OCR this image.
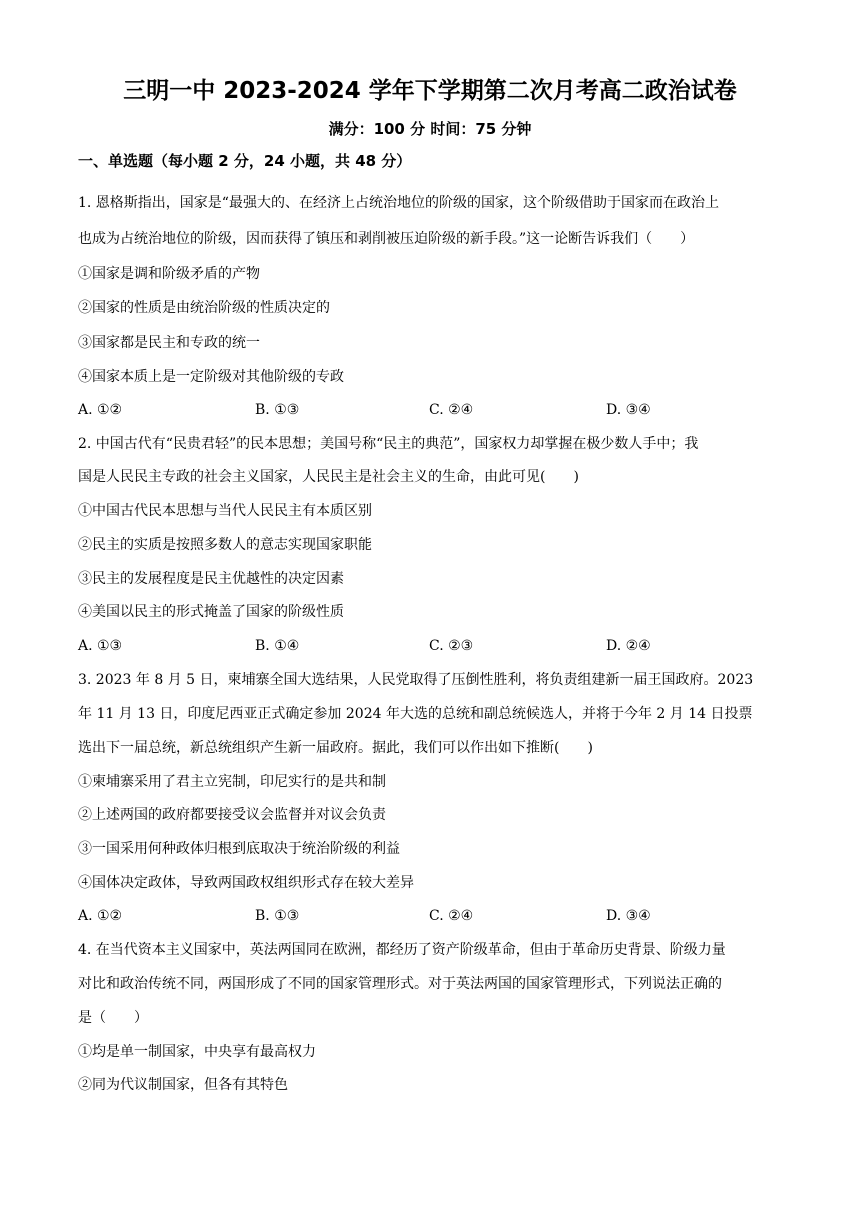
三明一中 2023-2024 学年下学期第二次月考高二政治试卷
满分：100 分 时间：75 分钟
一、单选题（每小题 2 分，24 小题，共 48 分）
1. 恩格斯指出，国家是“最强大的、在经济上占统治地位的阶级的国家，这个阶级借助于国家而在政治上
也成为占统治地位的阶级，因而获得了镇压和剥削被压迫阶级的新手段。”这一论断告诉我们（　　）
①国家是调和阶级矛盾的产物
②国家的性质是由统治阶级的性质决定的
③国家都是民主和专政的统一
④国家本质上是一定阶级对其他阶级的专政
A. ①②	B. ①③	C. ②④	D. ③④
2. 中国古代有“民贵君轻”的民本思想；美国号称“民主的典范”，国家权力却掌握在极少数人手中；我
国是人民民主专政的社会主义国家，人民民主是社会主义的生命，由此可见(　　)
①中国古代民本思想与当代人民民主有本质区别
②民主的实质是按照多数人的意志实现国家职能
③民主的发展程度是民主优越性的决定因素
④美国以民主的形式掩盖了国家的阶级性质
A. ①③	B. ①④	C. ②③	D. ②④
3. 2023 年 8 月 5 日，柬埔寨全国大选结果，人民党取得了压倒性胜利，将负责组建新一届王国政府。2023
年 11 月 13 日，印度尼西亚正式确定参加 2024 年大选的总统和副总统候选人，并将于今年 2 月 14 日投票
选出下一届总统，新总统组织产生新一届政府。据此，我们可以作出如下推断(　　)
①柬埔寨采用了君主立宪制，印尼实行的是共和制
②上述两国的政府都要接受议会监督并对议会负责
③一国采用何种政体归根到底取决于统治阶级的利益
④国体决定政体，导致两国政权组织形式存在较大差异
A. ①②	B. ①③	C. ②④	D. ③④
4. 在当代资本主义国家中，英法两国同在欧洲，都经历了资产阶级革命，但由于革命历史背景、阶级力量
对比和政治传统不同，两国形成了不同的国家管理形式。对于英法两国的国家管理形式，下列说法正确的
是（　　）
①均是单一制国家，中央享有最高权力
②同为代议制国家，但各有其特色
